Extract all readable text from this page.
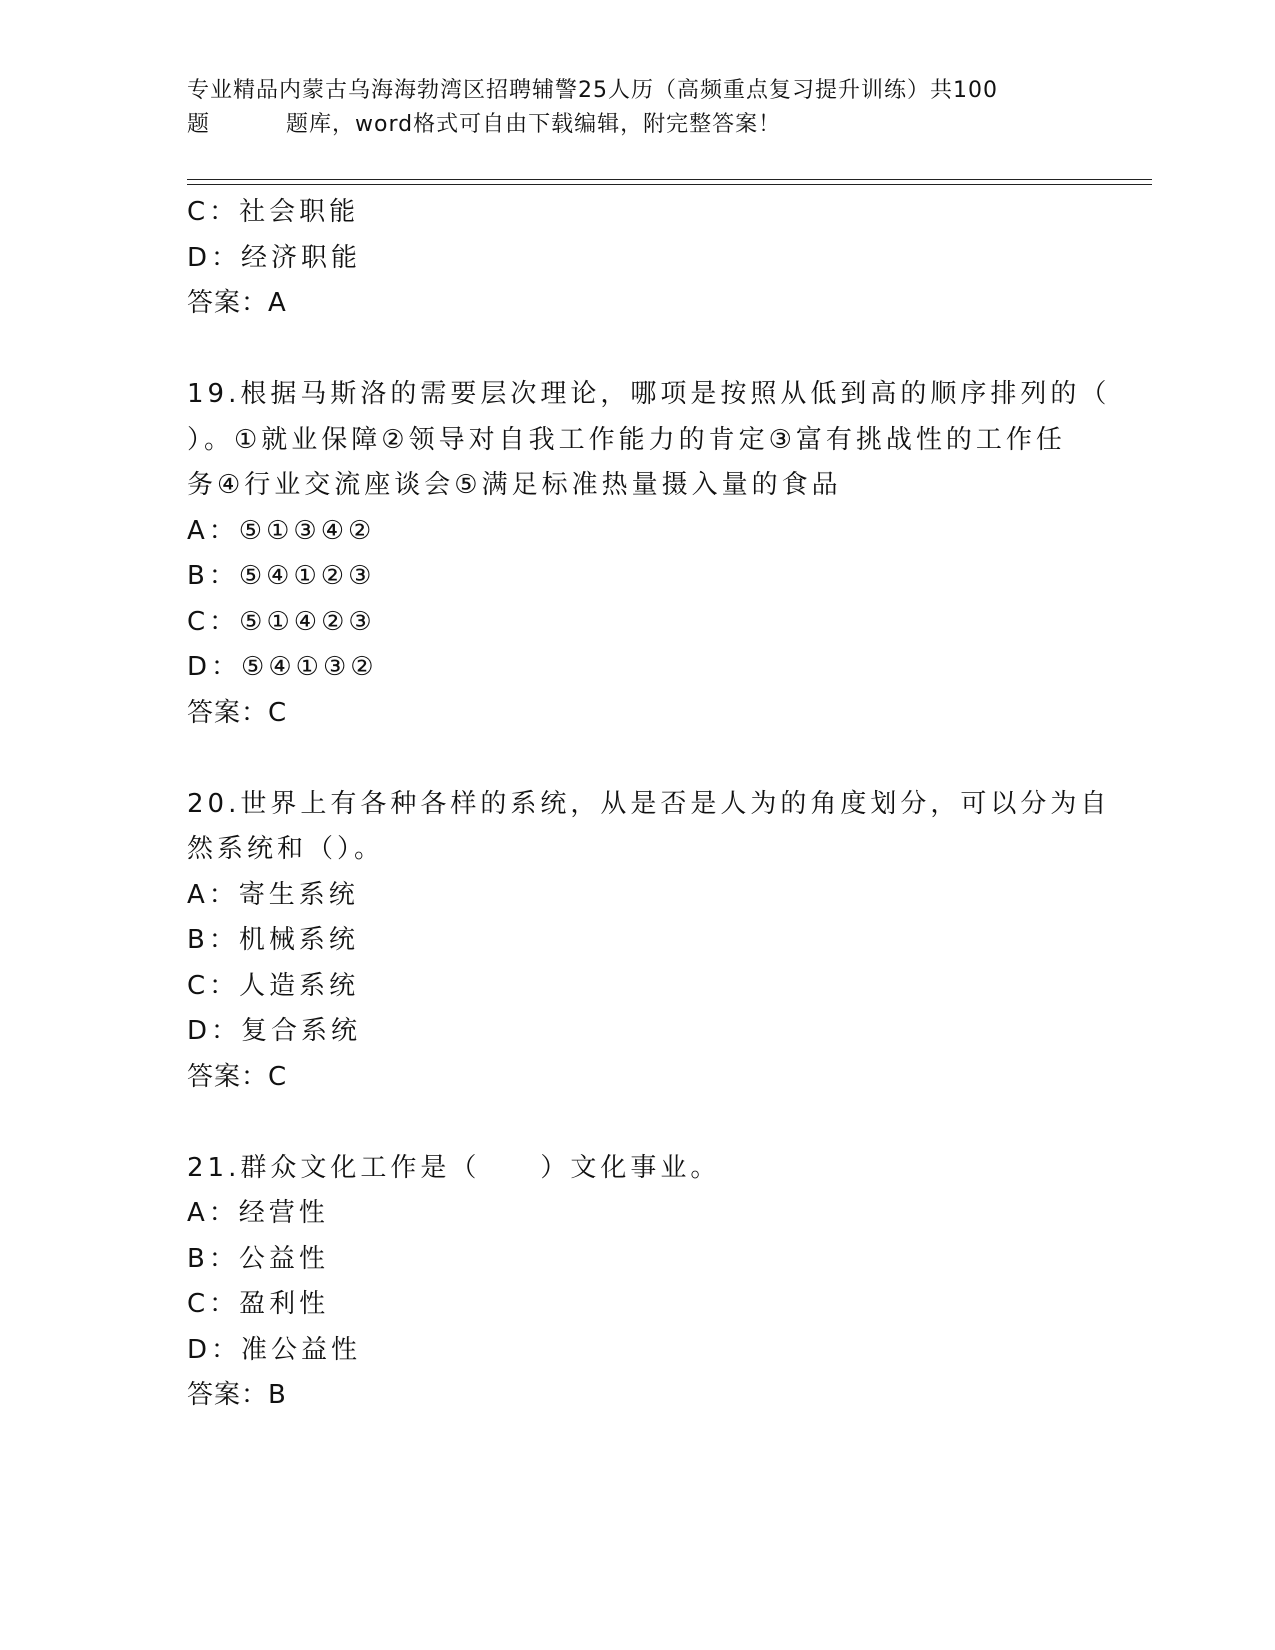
专业精品内蒙古乌海海勃湾区招聘辅警25人历（高频重点复习提升训练）共100
题	题库，word格式可自由下载编辑，附完整答案！
C：社会职能
D：经济职能
答案：A
19.根据马斯洛的需要层次理论，哪项是按照从低到高的顺序排列的（
）。①就业保障②领导对自我工作能力的肯定③富有挑战性的工作任
务④行业交流座谈会⑤满足标准热量摄入量的食品
A：⑤①③④②
B：⑤④①②③
C：⑤①④②③
D：⑤④①③②
答案：C
20.世界上有各种各样的系统，从是否是人为的角度划分，可以分为自
然系统和（）。
A：寄生系统
B：机械系统
C：人造系统
D：复合系统
答案：C
21.群众文化工作是（　　）文化事业。
A：经营性
B：公益性
C：盈利性
D：准公益性
答案：B
